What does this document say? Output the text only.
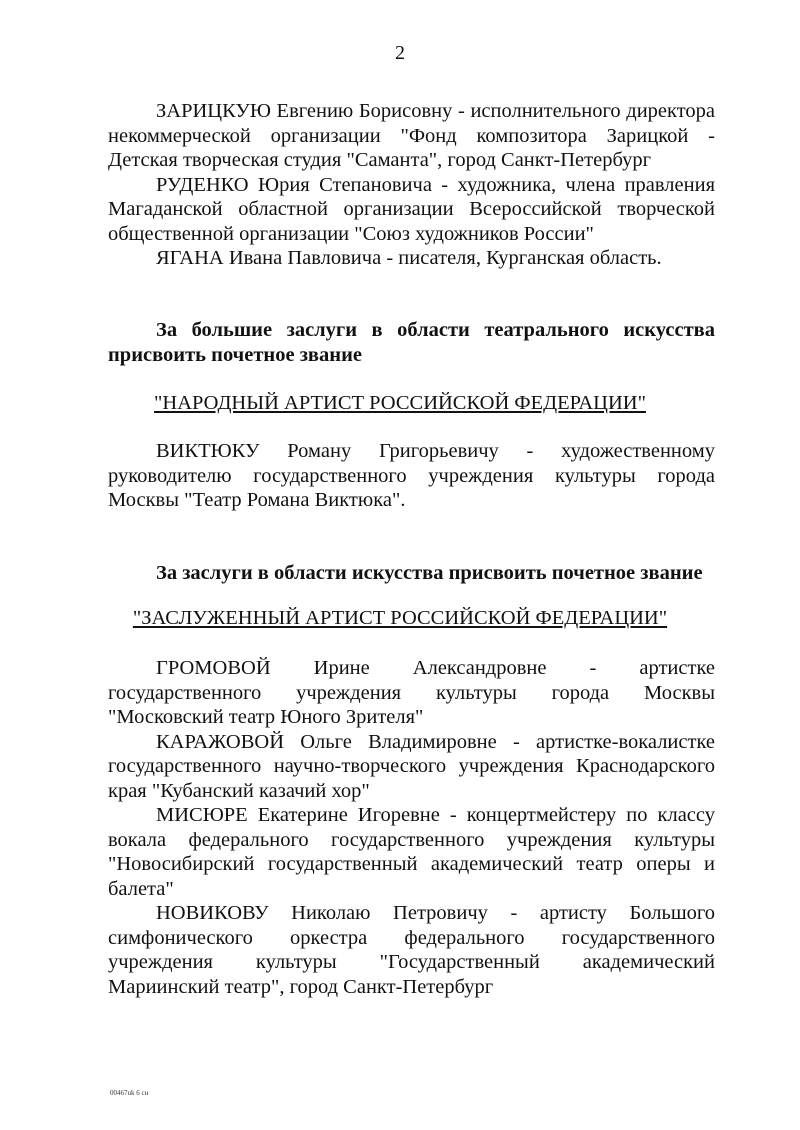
2

ЗАРИЦКУЮ Евгению Борисовну - исполнительного директора некоммерческой организации "Фонд композитора Зарицкой - Детская творческая студия "Саманта", город Санкт-Петербург

РУДЕНКО Юрия Степановича - художника, члена правления Магаданской областной организации Всероссийской творческой общественной организации "Союз художников России"

ЯГАНА Ивана Павловича - писателя, Курганская область.

За большие заслуги в области театрального искусства присвоить почетное звание

"НАРОДНЫЙ АРТИСТ РОССИЙСКОЙ ФЕДЕРАЦИИ"

ВИКТЮКУ Роману Григорьевичу - художественному руководителю государственного учреждения культуры города Москвы "Театр Романа Виктюка".

За заслуги в области искусства присвоить почетное звание

"ЗАСЛУЖЕННЫЙ АРТИСТ РОССИЙСКОЙ ФЕДЕРАЦИИ"

ГРОМОВОЙ Ирине Александровне - артистке государственного учреждения культуры города Москвы "Московский театр Юного Зрителя"

КАРАЖОВОЙ Ольге Владимировне - артистке-вокалистке государственного научно-творческого учреждения Краснодарского края "Кубанский казачий хор"

МИСЮРЕ Екатерине Игоревне - концертмейстеру по классу вокала федерального государственного учреждения культуры "Новосибирский государственный академический театр оперы и балета"

НОВИКОВУ Николаю Петровичу - артисту Большого симфонического оркестра федерального государственного учреждения культуры "Государственный академический Мариинский театр", город Санкт-Петербург

00467uk 6 cн
